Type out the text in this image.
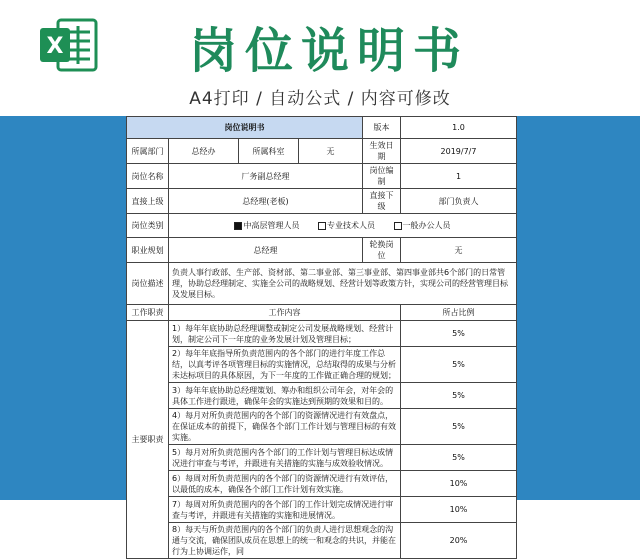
X	岗位说明书
A4打印 / 自动公式 / 内容可修改
岗位说明书				版本	1.0
所属部门	总经办	所属科室	无	生效日期	2019/7/7
岗位名称	厂务副总经理			岗位编制	1
直接上级	总经理(老板)			直接下级	部门负责人
岗位类别	中高层管理人员 专业技术人员 一般办公人员				
职业规划	总经理			轮换岗位	无
岗位描述	负责人事行政部、生产部、资材部、第二事业部、第三事业部、第四事业部共6个部门的日常管理，协助总经理制定、实施全公司的战略规划、经营计划等政策方针，实现公司的经营管理目标及发展目标。				
工作职责	工作内容				所占比例
主要职责	1）每年年底协助总经理调整或制定公司发展战略规划、经营计划，制定公司下一年度的业务发展计划及管理目标；				5%
	2）每年年底指导所负责范围内的各个部门的进行年度工作总结，以真考评各项管理目标的实施情况，总结取得的成果与分析未达标项目的具体原因，为下一年度的工作做正确合理的规划；				5%
	3）每年年底协助总经理策划、筹办和组织公司年会，对年会的具体工作进行跟进，确保年会的实施达到预期的效果和目的。				5%
	4）每月对所负责范围内的各个部门的资源情况进行有效盘点，在保证成本的前提下，确保各个部门工作计划与管理目标的有效实施。				5%
	5）每月对所负责范围内各个部门的工作计划与管理目标达成情况进行审查与考评，并跟进有关措施的实施与成效验收情况。				5%
	6）每周对所负责范围内的各个部门的资源情况进行有效评估，以最低的成本，确保各个部门工作计划有效实施。				10%
	7）每周对所负责范围内的各个部门的工作计划完成情况进行审查与考评，并跟进有关措施的实施和进展情况。				10%
	8）每天与所负责范围内的各个部门的负责人进行思想观念的沟通与交流，确保团队成员在思想上的统一和观念的共识，并能在行为上协调运作，同				20%
